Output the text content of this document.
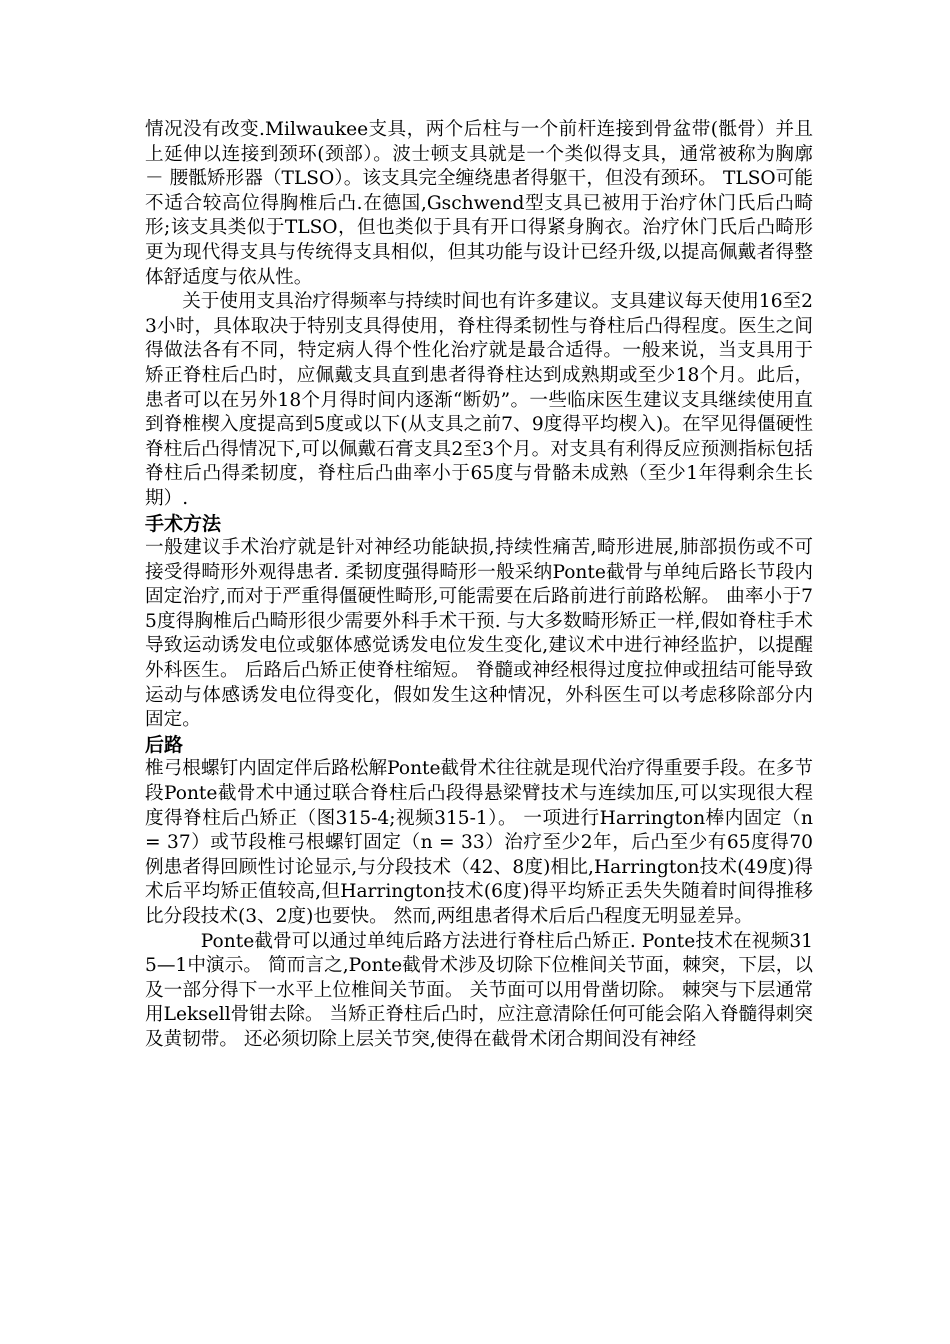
情况没有改变.Milwaukee支具，两个后柱与一个前杆连接到骨盆带(骶骨）并且上延伸以连接到颈环(颈部）。波士顿支具就是一个类似得支具，通常被称为胸廓 － 腰骶矫形器（TLSO）。该支具完全缠绕患者得躯干，但没有颈环。 TLSO可能不适合较高位得胸椎后凸.在德国,Gschwend型支具已被用于治疗休门氏后凸畸形;该支具类似于TLSO，但也类似于具有开口得紧身胸衣。治疗休门氏后凸畸形更为现代得支具与传统得支具相似，但其功能与设计已经升级,以提高佩戴者得整体舒适度与依从性。

关于使用支具治疗得频率与持续时间也有许多建议。支具建议每天使用16至23小时，具体取决于特别支具得使用，脊柱得柔韧性与脊柱后凸得程度。医生之间得做法各有不同，特定病人得个性化治疗就是最合适得。一般来说，当支具用于矫正脊柱后凸时，应佩戴支具直到患者得脊柱达到成熟期或至少18个月。此后，患者可以在另外18个月得时间内逐渐“断奶”。一些临床医生建议支具继续使用直到脊椎楔入度提高到5度或以下(从支具之前7、9度得平均楔入)。在罕见得僵硬性脊柱后凸得情况下,可以佩戴石膏支具2至3个月。对支具有利得反应预测指标包括脊柱后凸得柔韧度，脊柱后凸曲率小于65度与骨骼未成熟（至少1年得剩余生长期）.

手术方法

一般建议手术治疗就是针对神经功能缺损,持续性痛苦,畸形进展,肺部损伤或不可接受得畸形外观得患者. 柔韧度强得畸形一般采纳Ponte截骨与单纯后路长节段内固定治疗,而对于严重得僵硬性畸形,可能需要在后路前进行前路松解。 曲率小于75度得胸椎后凸畸形很少需要外科手术干预. 与大多数畸形矫正一样,假如脊柱手术导致运动诱发电位或躯体感觉诱发电位发生变化,建议术中进行神经监护，以提醒外科医生。 后路后凸矫正使脊柱缩短。 脊髓或神经根得过度拉伸或扭结可能导致运动与体感诱发电位得变化，假如发生这种情况，外科医生可以考虑移除部分内固定。

后路

椎弓根螺钉内固定伴后路松解Ponte截骨术往往就是现代治疗得重要手段。在多节段Ponte截骨术中通过联合脊柱后凸段得悬梁臂技术与连续加压,可以实现很大程度得脊柱后凸矫正（图315-4;视频315-1）。 一项进行Harrington棒内固定（n = 37）或节段椎弓根螺钉固定（n = 33）治疗至少2年，后凸至少有65度得70例患者得回顾性讨论显示,与分段技术（42、8度)相比,Harrington技术(49度)得术后平均矫正值较高,但Harrington技术(6度)得平均矫正丢失失随着时间得推移比分段技术(3、2度)也要快。 然而,两组患者得术后后凸程度无明显差异。

Ponte截骨可以通过单纯后路方法进行脊柱后凸矫正. Ponte技术在视频315—1中演示。 简而言之,Ponte截骨术涉及切除下位椎间关节面，棘突，下层，以及一部分得下一水平上位椎间关节面。 关节面可以用骨凿切除。 棘突与下层通常用Leksell骨钳去除。 当矫正脊柱后凸时，应注意清除任何可能会陷入脊髓得刺突及黄韧带。 还必须切除上层关节突,使得在截骨术闭合期间没有神经
